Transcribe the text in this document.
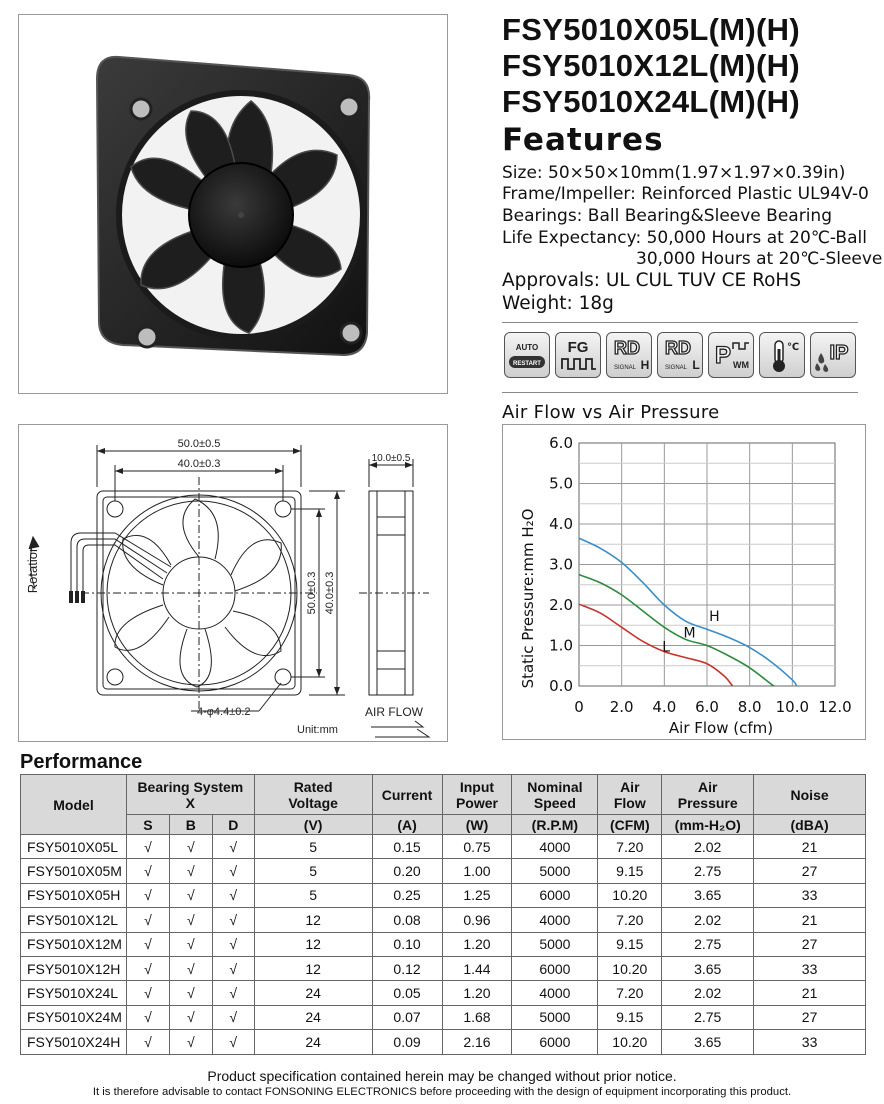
FSY5010X05L(M)(H)
FSY5010X12L(M)(H)
FSY5010X24L(M)(H)
Features
Size: 50×50×10mm(1.97×1.97×0.39in)
Frame/Impeller: Reinforced Plastic UL94V-0
Bearings: Ball Bearing&Sleeve Bearing
Life Expectancy: 50,000 Hours at 20℃-Ball
30,000 Hours at 20℃-Sleeve
Approvals: UL CUL TUV CE RoHS
Weight: 18g
AUTO
RESTART
FG RD
SIGNAL H
RD
SIGNAL L P WM
℃ IP
50.0±0.5
40.0±0.3	10.0±0.5
50.0±0.3 40.0±0.3
Rotation
4-φ4.4±0.2	AIR FLOW
Unit:mm
Air Flow vs Air Pressure
0.0
1.0
2.0
3.0
4.0
5.0
6.0
0 2.0 4.0 6.0 8.0 10.0 12.0
Air Flow (cfm)
Static Pressure:mm H₂O	H
M
L
Performance
Model	Bearing System
X			Rated Voltage	Current	Input Power	Nominal Speed	Air Flow	Air Pressure	Noise
	S	B	D	(V)	(A)	(W)	(R.P.M)	(CFM)	(mm-H₂O)	(dBA)
FSY5010X05L	√	√	√	5	0.15	0.75	4000	7.20	2.02	21
FSY5010X05M	√	√	√	5	0.20	1.00	5000	9.15	2.75	27
FSY5010X05H	√	√	√	5	0.25	1.25	6000	10.20	3.65	33
FSY5010X12L	√	√	√	12	0.08	0.96	4000	7.20	2.02	21
FSY5010X12M	√	√	√	12	0.10	1.20	5000	9.15	2.75	27
FSY5010X12H	√	√	√	12	0.12	1.44	6000	10.20	3.65	33
FSY5010X24L	√	√	√	24	0.05	1.20	4000	7.20	2.02	21
FSY5010X24M	√	√	√	24	0.07	1.68	5000	9.15	2.75	27
FSY5010X24H	√	√	√	24	0.09	2.16	6000	10.20	3.65	33
Product specification contained herein may be changed without prior notice.
It is therefore advisable to contact FONSONING ELECTRONICS before proceeding with the design of equipment incorporating this product.
